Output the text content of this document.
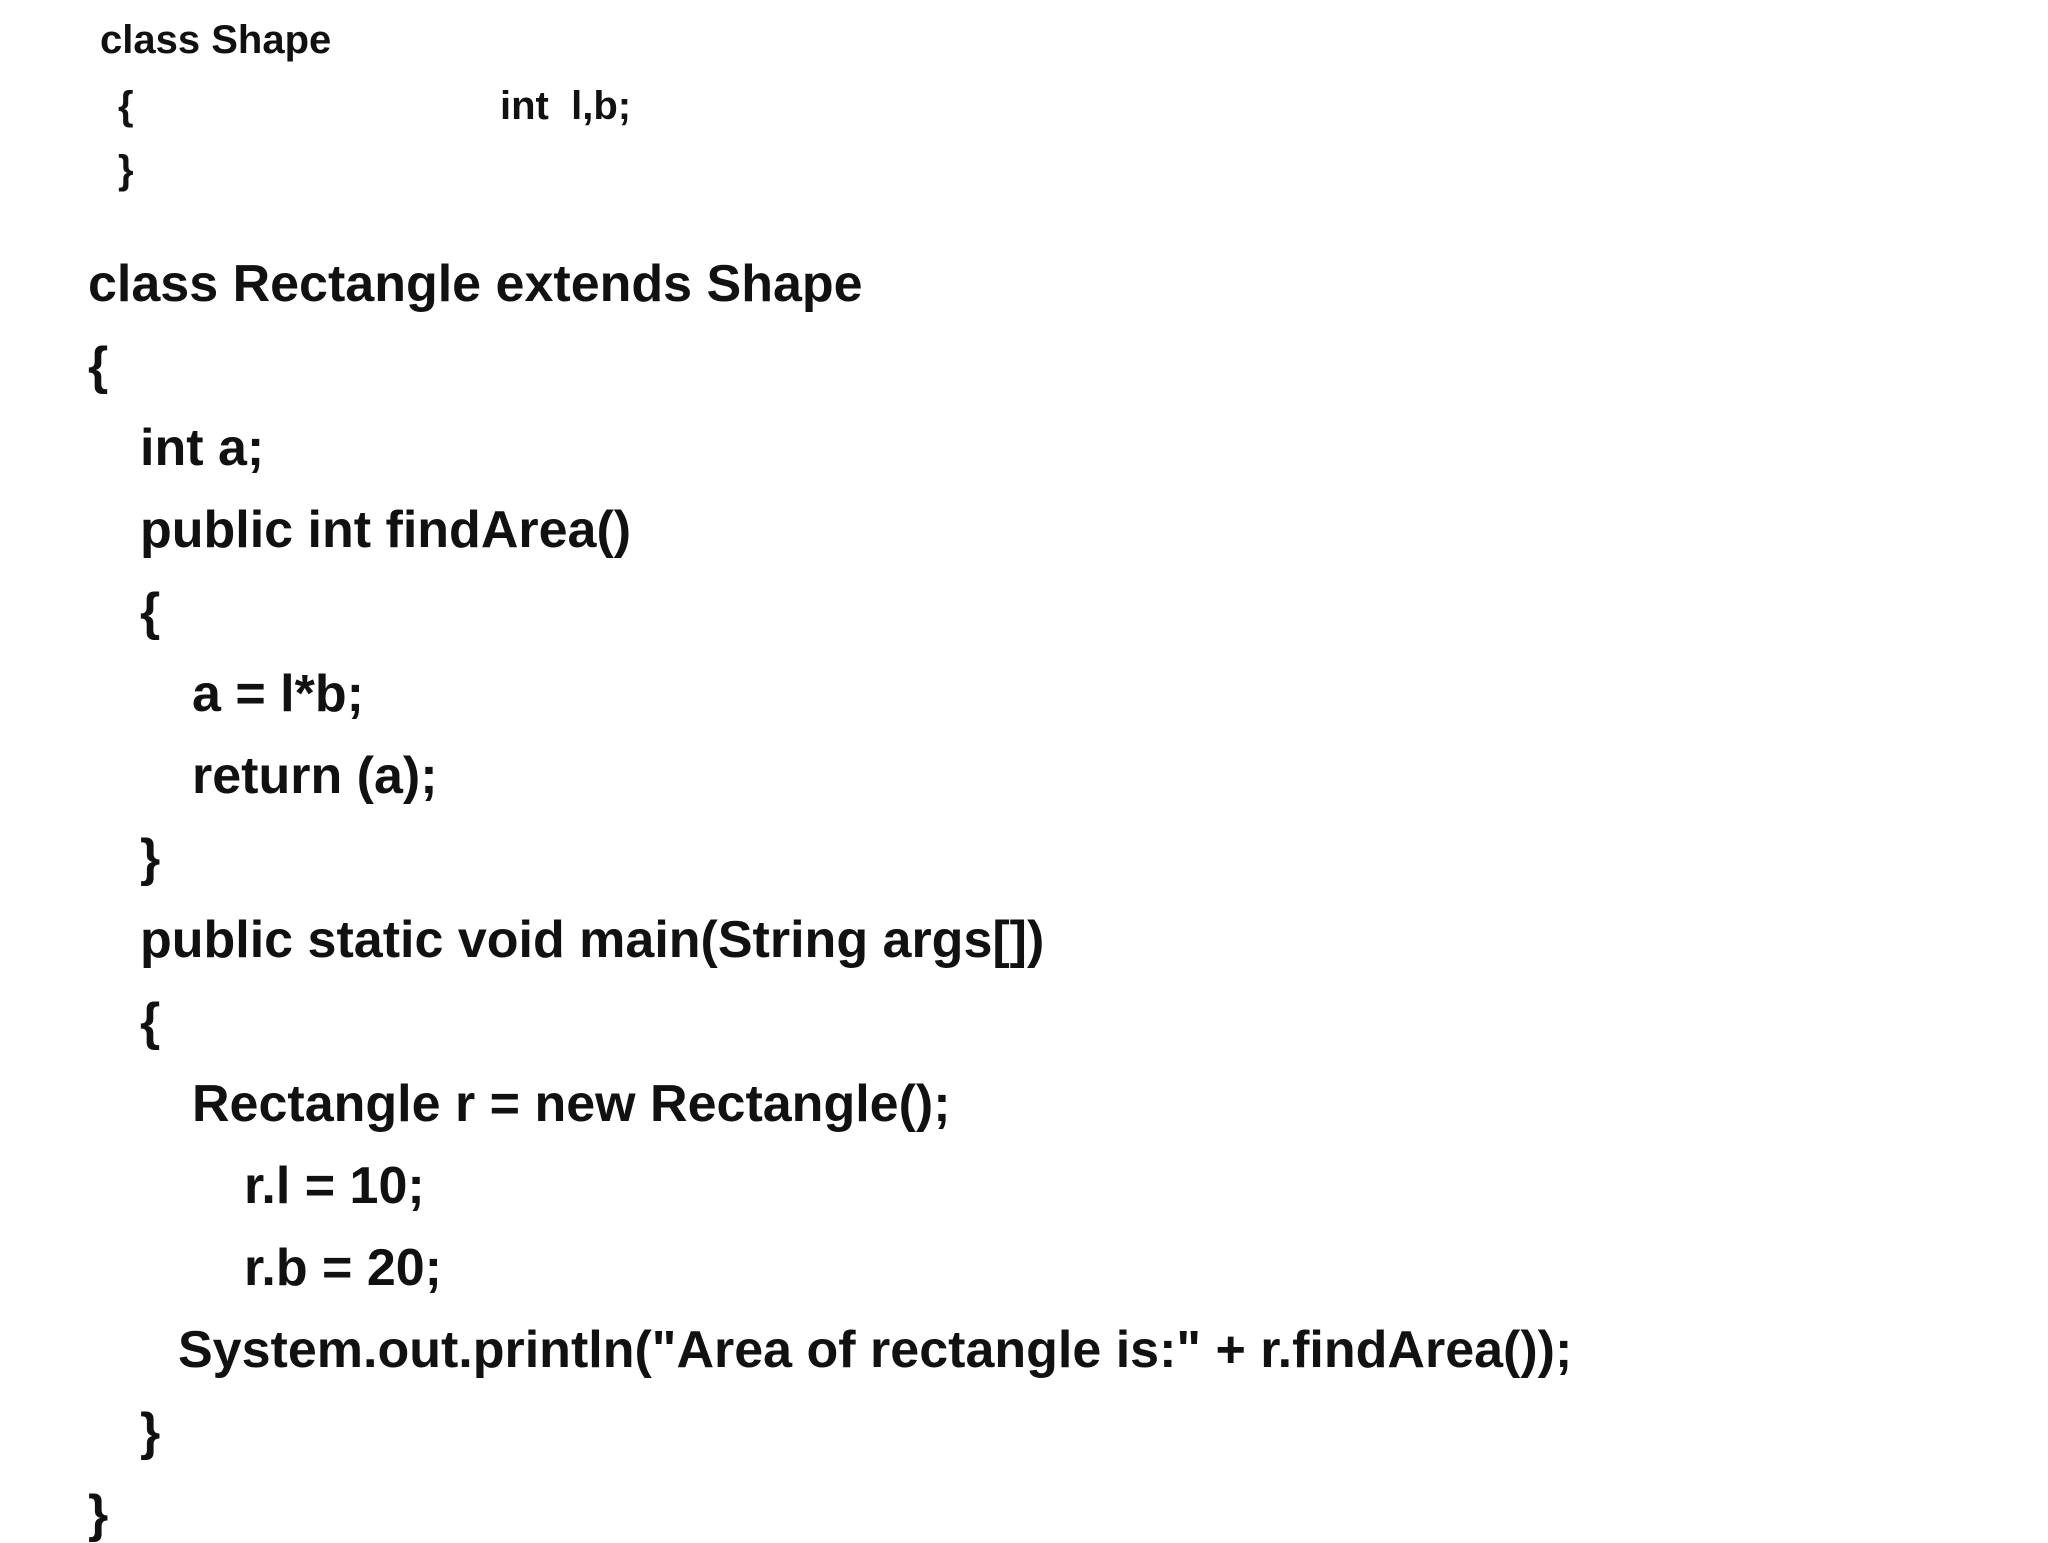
class Shape
{	int  l,b;
}
class Rectangle extends Shape
{
int a;
public int findArea()
{
a = l*b;
return (a);
}
public static void main(String args[])
{
Rectangle r = new Rectangle();
r.l = 10;
r.b = 20;
System.out.println("Area of rectangle is:" + r.findArea());
}
}
